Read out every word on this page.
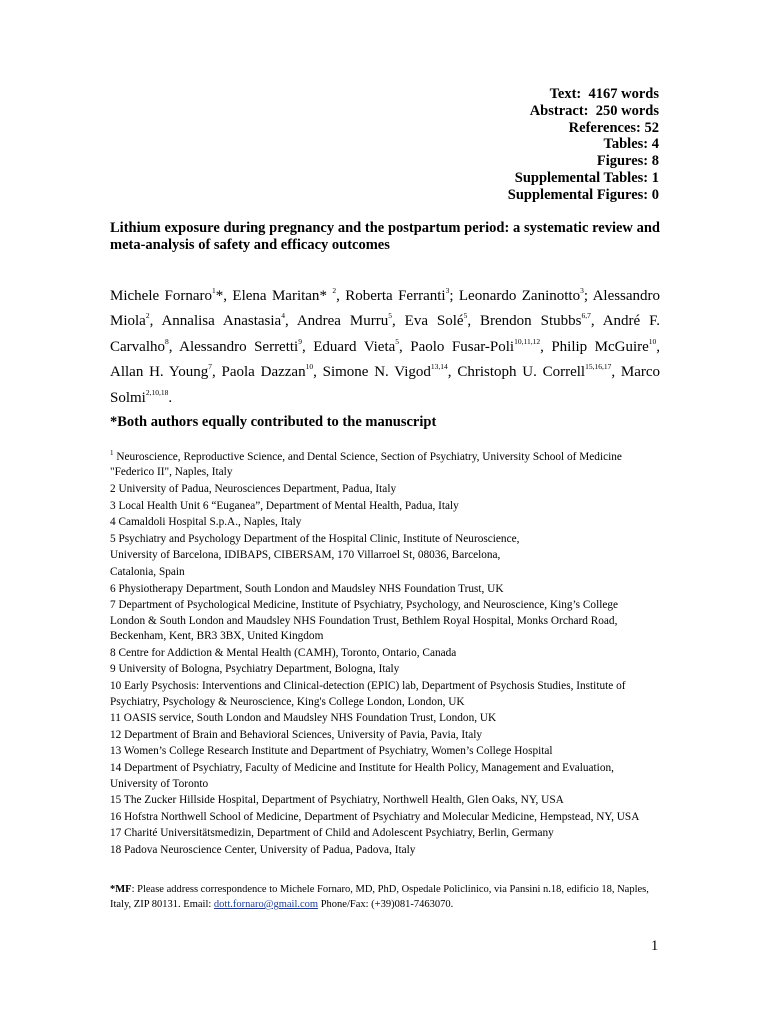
Text: 4167 words
Abstract: 250 words
References: 52
Tables: 4
Figures: 8
Supplemental Tables: 1
Supplemental Figures: 0
Lithium exposure during pregnancy and the postpartum period: a systematic review and meta-analysis of safety and efficacy outcomes
Michele Fornaro$^1$*, Elena Maritan* $^2$, Roberta Ferranti$^3$; Leonardo Zaninotto$^3$; Alessandro Miola$^2$, Annalisa Anastasia$^4$, Andrea Murru$^5$, Eva Solé$^5$, Brendon Stubbs$^{6,7}$, André F. Carvalho$^8$, Alessandro Serretti$^9$, Eduard Vieta$^5$, Paolo Fusar-Poli$^{10,11,12}$, Philip McGuire$^{10}$, Allan H. Young$^7$, Paola Dazzan$^{10}$, Simone N. Vigod$^{13,14}$, Christoph U. Correll$^{15,16,17}$, Marco Solmi$^{2,10,18}$.
*Both authors equally contributed to the manuscript
$^1$ Neuroscience, Reproductive Science, and Dental Science, Section of Psychiatry, University School of Medicine "Federico II", Naples, Italy
2 University of Padua, Neurosciences Department, Padua, Italy
3 Local Health Unit 6 “Euganea”, Department of Mental Health, Padua, Italy
4 Camaldoli Hospital S.p.A., Naples, Italy
5 Psychiatry and Psychology Department of the Hospital Clinic, Institute of Neuroscience,
University of Barcelona, IDIBAPS, CIBERSAM, 170 Villarroel St, 08036, Barcelona,
Catalonia, Spain
6 Physiotherapy Department, South London and Maudsley NHS Foundation Trust, UK
7 Department of Psychological Medicine, Institute of Psychiatry, Psychology, and Neuroscience, King’s College London & South London and Maudsley NHS Foundation Trust, Bethlem Royal Hospital, Monks Orchard Road, Beckenham, Kent, BR3 3BX, United Kingdom
8 Centre for Addiction & Mental Health (CAMH), Toronto, Ontario, Canada
9 University of Bologna, Psychiatry Department, Bologna, Italy
10 Early Psychosis: Interventions and Clinical-detection (EPIC) lab, Department of Psychosis Studies, Institute of Psychiatry, Psychology & Neuroscience, King's College London, London, UK
11 OASIS service, South London and Maudsley NHS Foundation Trust, London, UK
12 Department of Brain and Behavioral Sciences, University of Pavia, Pavia, Italy
13 Women’s College Research Institute and Department of Psychiatry, Women’s College Hospital
14 Department of Psychiatry, Faculty of Medicine and Institute for Health Policy, Management and Evaluation, University of Toronto
15 The Zucker Hillside Hospital, Department of Psychiatry, Northwell Health, Glen Oaks, NY, USA
16 Hofstra Northwell School of Medicine, Department of Psychiatry and Molecular Medicine, Hempstead, NY, USA
17 Charité Universitätsmedizin, Department of Child and Adolescent Psychiatry, Berlin, Germany
18 Padova Neuroscience Center, University of Padua, Padova, Italy
*MF: Please address correspondence to Michele Fornaro, MD, PhD, Ospedale Policlinico, via Pansini n.18, edificio 18, Naples, Italy, ZIP 80131. Email: dott.fornaro@gmail.com Phone/Fax: (+39)081-7463070.
1
